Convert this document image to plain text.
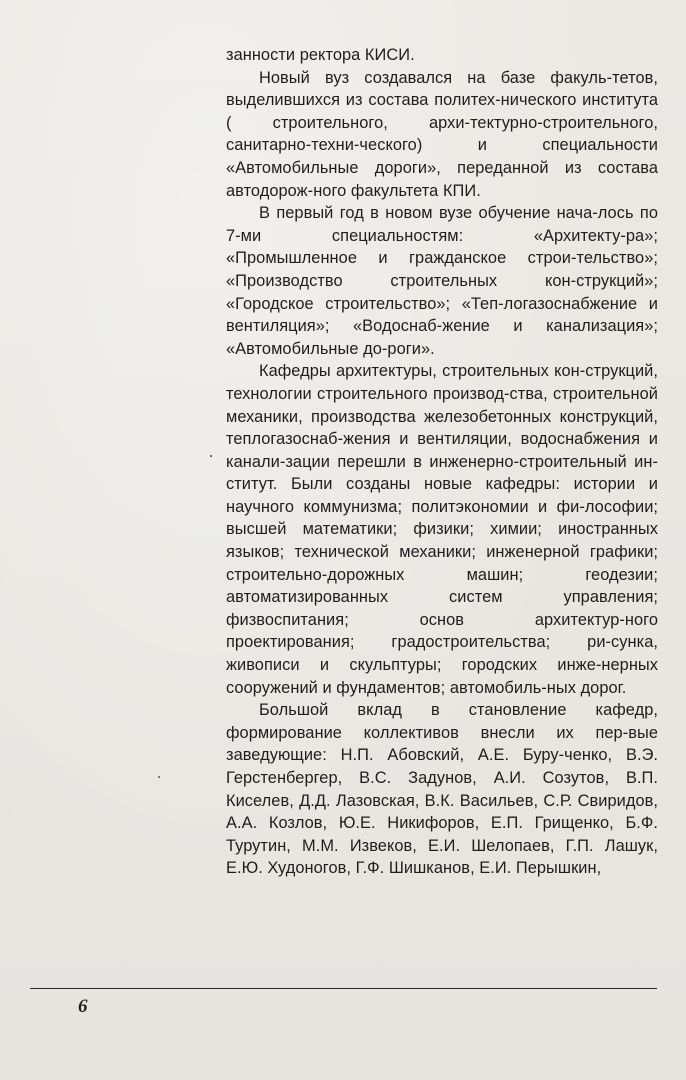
занности ректора КИСИ.

Новый вуз создавался на базе факуль-тетов, выделившихся из состава политех-нического института ( строительного, архи-тектурно-строительного, санитарно-техни-ческого) и специальности «Автомобильные дороги», переданной из состава автодорож-ного факультета КПИ.

В первый год в новом вузе обучение нача-лось по 7-ми специальностям: «Архитекту-ра»; «Промышленное и гражданское строи-тельство»; «Производство строительных кон-струкций»; «Городское строительство»; «Теп-логазоснабжение и вентиляция»; «Водоснаб-жение и канализация»; «Автомобильные до-роги».

Кафедры архитектуры, строительных кон-струкций, технологии строительного производ-ства, строительной механики, производства железобетонных конструкций, теплогазоснаб-жения и вентиляции, водоснабжения и канали-зации перешли в инженерно-строительный ин-ститут. Были созданы новые кафедры: истории и научного коммунизма; политэкономии и фи-лософии; высшей математики; физики; химии; иностранных языков; технической механики; инженерной графики; строительно-дорожных машин; геодезии; автоматизированных систем управления; физвоспитания; основ архитектур-ного проектирования; градостроительства; ри-сунка, живописи и скульптуры; городских инже-нерных сооружений и фундаментов; автомобиль-ных дорог.

Большой вклад в становление кафедр, формирование коллективов внесли их пер-вые заведующие: Н.П. Абовский, А.Е. Буру-ченко, В.Э. Герстенбергер, В.С. Задунов, А.И. Созутов, В.П. Киселев, Д.Д. Лазовская, В.К. Васильев, С.Р. Свиридов, А.А. Козлов, Ю.Е. Никифоров, Е.П. Грищенко, Б.Ф. Турутин, М.М. Извеков, Е.И. Шелопаев, Г.П. Лашук, Е.Ю. Худоногов, Г.Ф. Шишканов, Е.И. Перышкин,

6
